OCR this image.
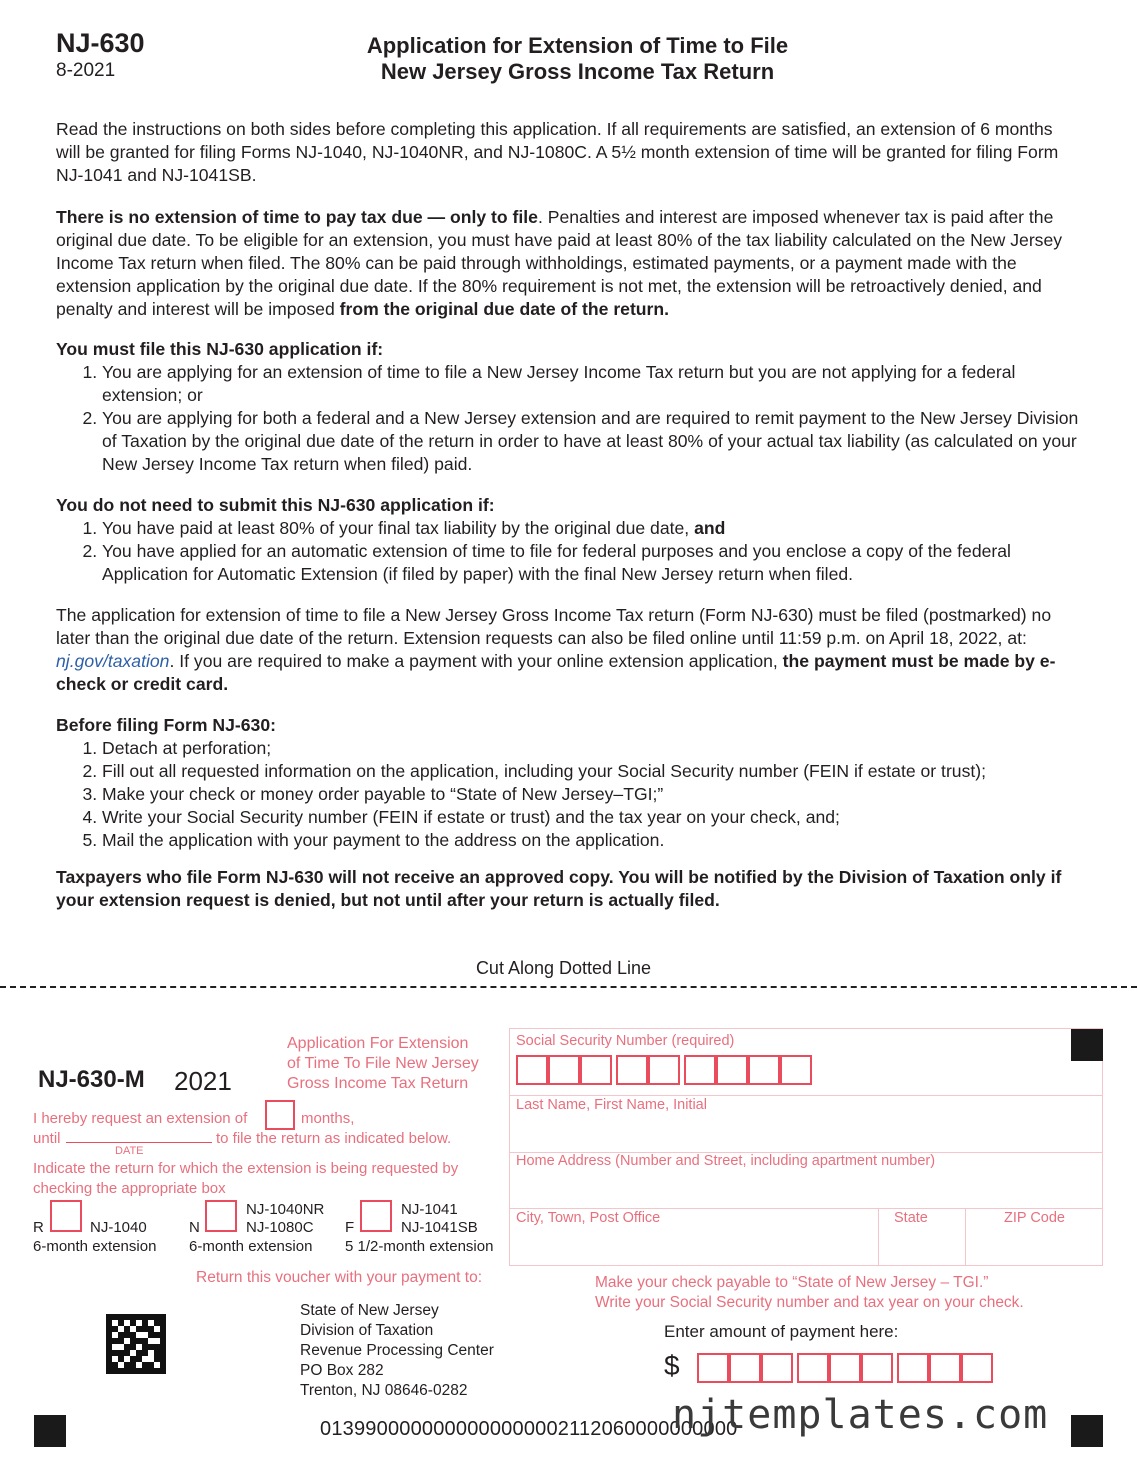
NJ-630
8-2021
Application for Extension of Time to File
New Jersey Gross Income Tax Return

Read the instructions on both sides before completing this application. If all requirements are satisfied, an extension of 6 months will be granted for filing Forms NJ-1040, NJ-1040NR, and NJ-1080C. A 5½ month extension of time will be granted for filing Form NJ-1041 and NJ-1041SB.

There is no extension of time to pay tax due — only to file. Penalties and interest are imposed whenever tax is paid after the original due date. To be eligible for an extension, you must have paid at least 80% of the tax liability calculated on the New Jersey Income Tax return when filed. The 80% can be paid through withholdings, estimated payments, or a payment made with the extension application by the original due date. If the 80% requirement is not met, the extension will be retroactively denied, and penalty and interest will be imposed from the original due date of the return.

You must file this NJ-630 application if:

1. You are applying for an extension of time to file a New Jersey Income Tax return but you are not applying for a federal extension; or
2. You are applying for both a federal and a New Jersey extension and are required to remit payment to the New Jersey Division of Taxation by the original due date of the return in order to have at least 80% of your actual tax liability (as calculated on your New Jersey Income Tax return when filed) paid.

You do not need to submit this NJ-630 application if:

1. You have paid at least 80% of your final tax liability by the original due date, and
2. You have applied for an automatic extension of time to file for federal purposes and you enclose a copy of the federal Application for Automatic Extension (if filed by paper) with the final New Jersey return when filed.

The application for extension of time to file a New Jersey Gross Income Tax return (Form NJ-630) must be filed (postmarked) no later than the original due date of the return. Extension requests can also be filed online until 11:59 p.m. on April 18, 2022, at: nj.gov/taxation. If you are required to make a payment with your online extension application, the payment must be made by e-check or credit card.

Before filing Form NJ-630:

1. Detach at perforation;
2. Fill out all requested information on the application, including your Social Security number (FEIN if estate or trust);
3. Make your check or money order payable to “State of New Jersey–TGI;”
4. Write your Social Security number (FEIN if estate or trust) and the tax year on your check, and;
5. Mail the application with your payment to the address on the application.
Taxpayers who file Form NJ-630 will not receive an approved copy. You will be notified by the Division of Taxation only if your extension request is denied, but not until after your return is actually filed.
Cut Along Dotted Line
NJ-630-M 2021
Application For Extension
of Time To File New Jersey
Gross Income Tax Return
I hereby request an extension of	months,
until
DATE
to file the return as indicated below.
Indicate the return for which the extension is being requested by checking the appropriate box
R	NJ-1040
6-month extension
N
NJ-1040NR
NJ-1080C
6-month extension
F
NJ-1041
NJ-1041SB
5 1/2-month extension
Social Security Number (required)
Last Name, First Name, Initial
Home Address (Number and Street, including apartment number)
City, Town, Post Office	State	ZIP Code
Return this voucher with your payment to:
State of New Jersey
Division of Taxation
Revenue Processing Center
PO Box 282
Trenton, NJ 08646-0282
Make your check payable to “State of New Jersey – TGI.”
Write your Social Security number and tax year on your check.
Enter amount of payment here:
$
0139900000000000000002112060000000000
njtemplates.com
